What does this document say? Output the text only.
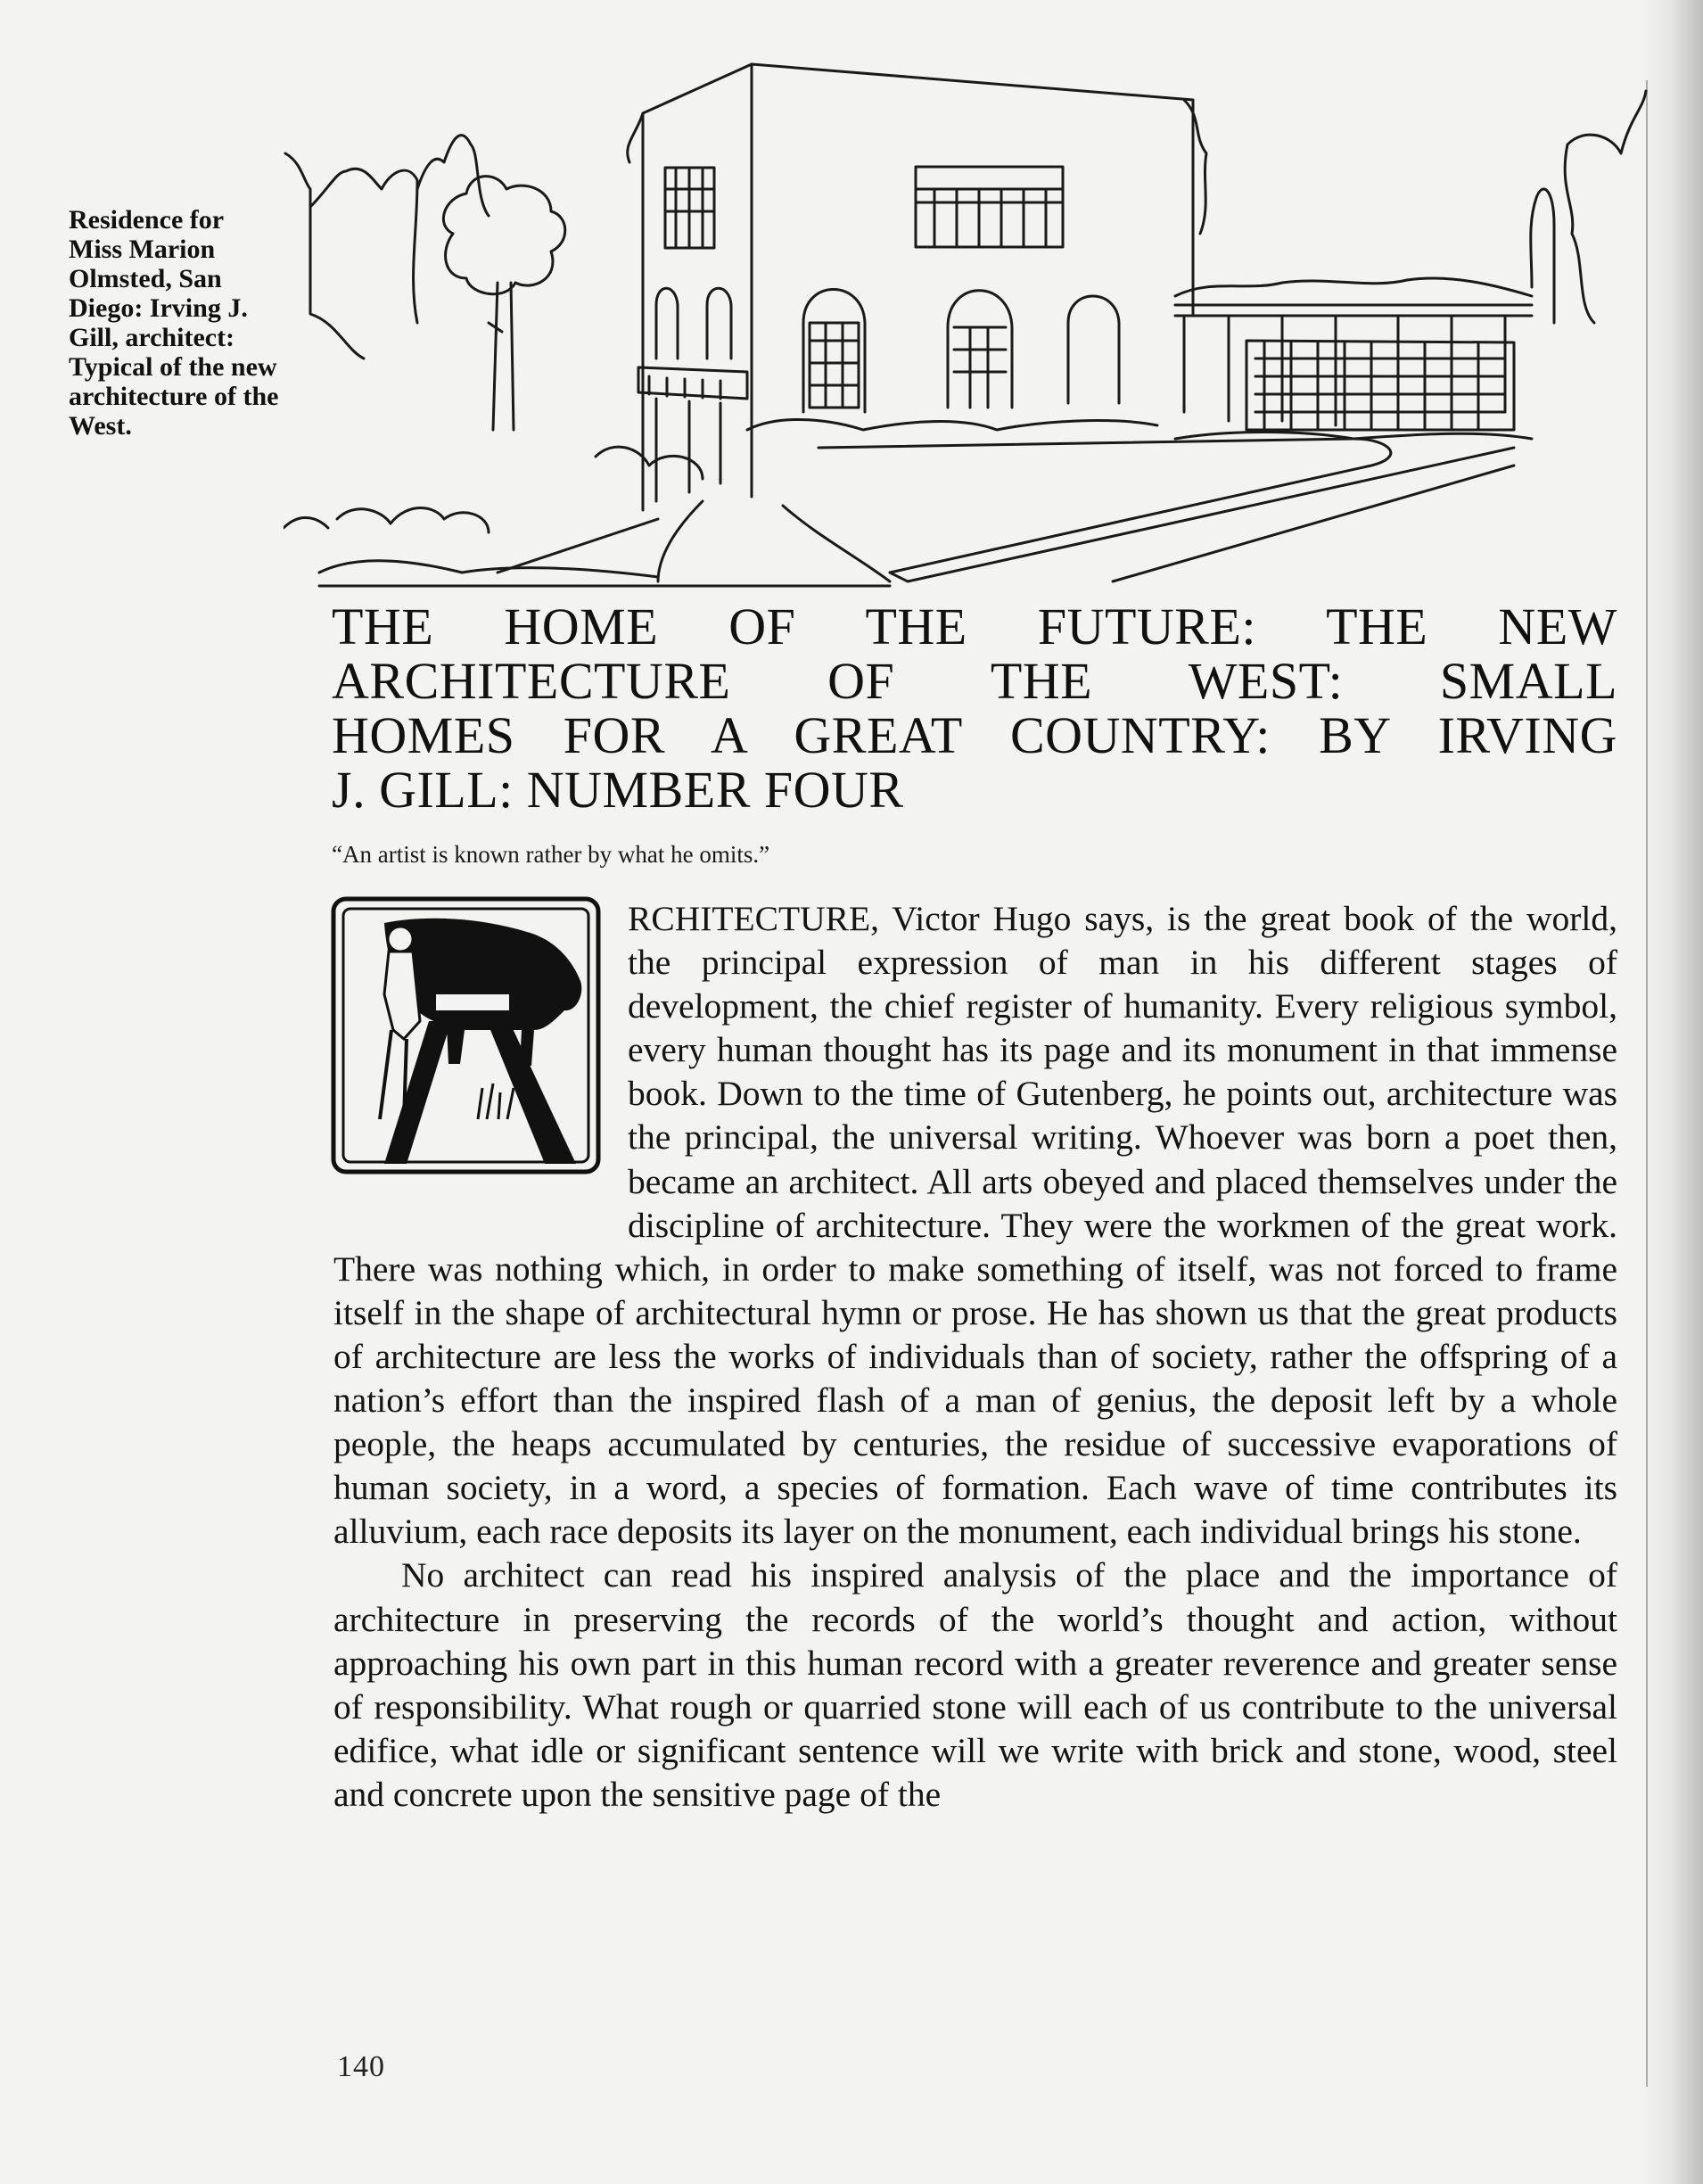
Residence for Miss Marion Olmsted, San Diego: Irving J. Gill, architect: Typical of the new architecture of the West.
THE HOME OF THE FUTURE: THE NEW
ARCHITECTURE OF THE WEST: SMALL
HOMES FOR A GREAT COUNTRY: BY IRVING
J. GILL: NUMBER FOUR
“An artist is known rather by what he omits.”

RCHITECTURE, Victor Hugo says, is the great book of the world, the principal expression of man in his different stages of development, the chief register of humanity. Every religious symbol, every human thought has its page and its monument in that immense book. Down to the time of Gutenberg, he points out, architecture was the principal, the universal writing. Whoever was born a poet then, became an architect. All arts obeyed and placed themselves under the discipline of architecture. They were the workmen of the great work. There was nothing which, in order to make something of itself, was not forced to frame itself in the shape of architectural hymn or prose. He has shown us that the great products of architecture are less the works of individuals than of society, rather the offspring of a nation’s effort than the inspired flash of a man of genius, the deposit left by a whole people, the heaps accumulated by centuries, the residue of successive evaporations of human society, in a word, a species of formation. Each wave of time contributes its alluvium, each race deposits its layer on the monument, each individual brings his stone.

No architect can read his inspired analysis of the place and the importance of architecture in preserving the records of the world’s thought and action, without approaching his own part in this human record with a greater reverence and greater sense of responsibility. What rough or quarried stone will each of us contribute to the universal edifice, what idle or significant sentence will we write with brick and stone, wood, steel and concrete upon the sensitive page of the

140
